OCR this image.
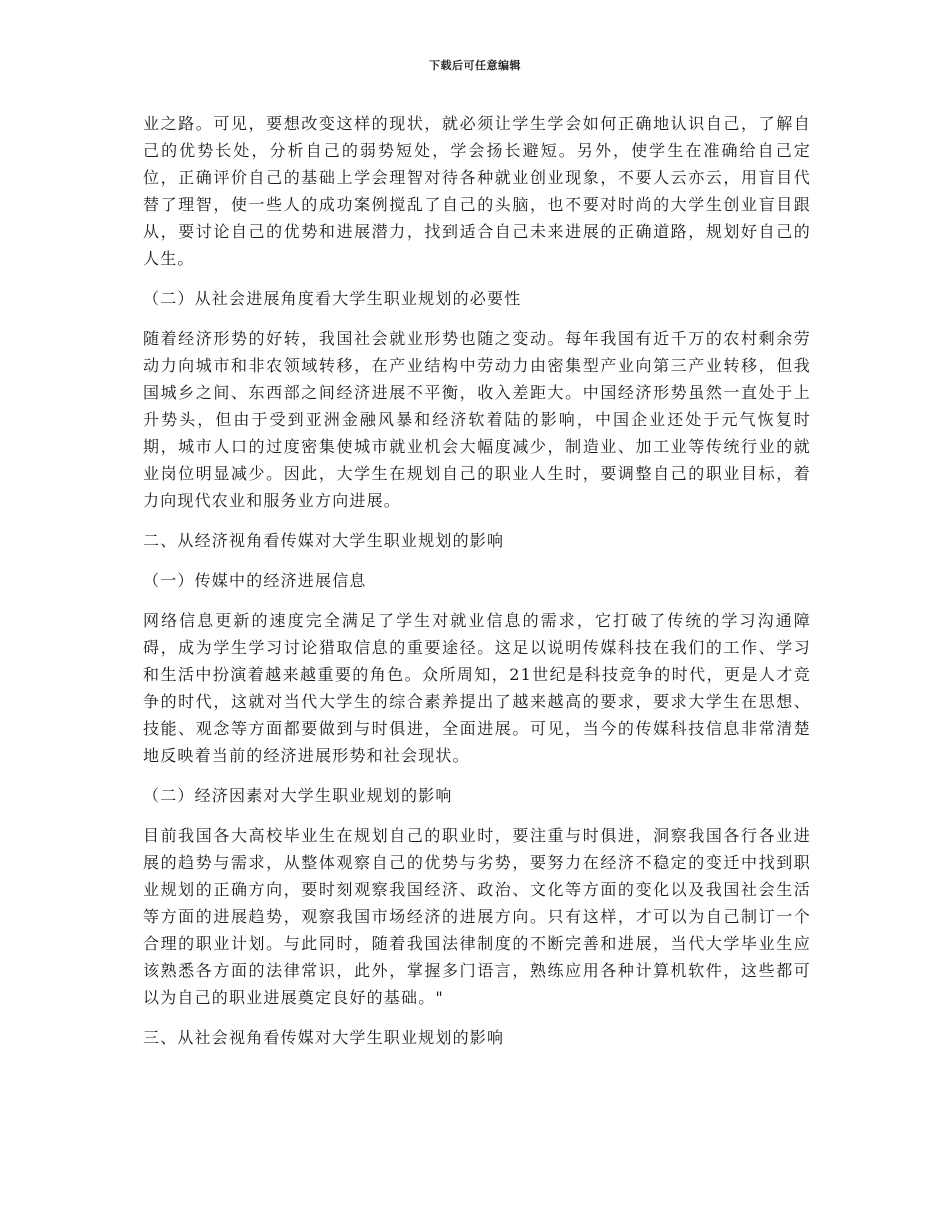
下载后可任意编辑

业之路。可见，要想改变这样的现状，就必须让学生学会如何正确地认识自己，了解自己的优势长处，分析自己的弱势短处，学会扬长避短。另外，使学生在准确给自己定位，正确评价自己的基础上学会理智对待各种就业创业现象，不要人云亦云，用盲目代替了理智，使一些人的成功案例搅乱了自己的头脑，也不要对时尚的大学生创业盲目跟从，要讨论自己的优势和进展潜力，找到适合自己未来进展的正确道路，规划好自己的人生。

（二）从社会进展角度看大学生职业规划的必要性

随着经济形势的好转，我国社会就业形势也随之变动。每年我国有近千万的农村剩余劳动力向城市和非农领域转移，在产业结构中劳动力由密集型产业向第三产业转移，但我国城乡之间、东西部之间经济进展不平衡，收入差距大。中国经济形势虽然一直处于上升势头，但由于受到亚洲金融风暴和经济软着陆的影响，中国企业还处于元气恢复时期，城市人口的过度密集使城市就业机会大幅度减少，制造业、加工业等传统行业的就业岗位明显减少。因此，大学生在规划自己的职业人生时，要调整自己的职业目标，着力向现代农业和服务业方向进展。

二、从经济视角看传媒对大学生职业规划的影响

（一）传媒中的经济进展信息

网络信息更新的速度完全满足了学生对就业信息的需求，它打破了传统的学习沟通障碍，成为学生学习讨论猎取信息的重要途径。这足以说明传媒科技在我们的工作、学习和生活中扮演着越来越重要的角色。众所周知，21世纪是科技竞争的时代，更是人才竞争的时代，这就对当代大学生的综合素养提出了越来越高的要求，要求大学生在思想、技能、观念等方面都要做到与时俱进，全面进展。可见，当今的传媒科技信息非常清楚地反映着当前的经济进展形势和社会现状。

（二）经济因素对大学生职业规划的影响

目前我国各大高校毕业生在规划自己的职业时，要注重与时俱进，洞察我国各行各业进展的趋势与需求，从整体观察自己的优势与劣势，要努力在经济不稳定的变迁中找到职业规划的正确方向，要时刻观察我国经济、政治、文化等方面的变化以及我国社会生活等方面的进展趋势，观察我国市场经济的进展方向。只有这样，才可以为自己制订一个合理的职业计划。与此同时，随着我国法律制度的不断完善和进展，当代大学毕业生应该熟悉各方面的法律常识，此外，掌握多门语言，熟练应用各种计算机软件，这些都可以为自己的职业进展奠定良好的基础。"

三、从社会视角看传媒对大学生职业规划的影响
